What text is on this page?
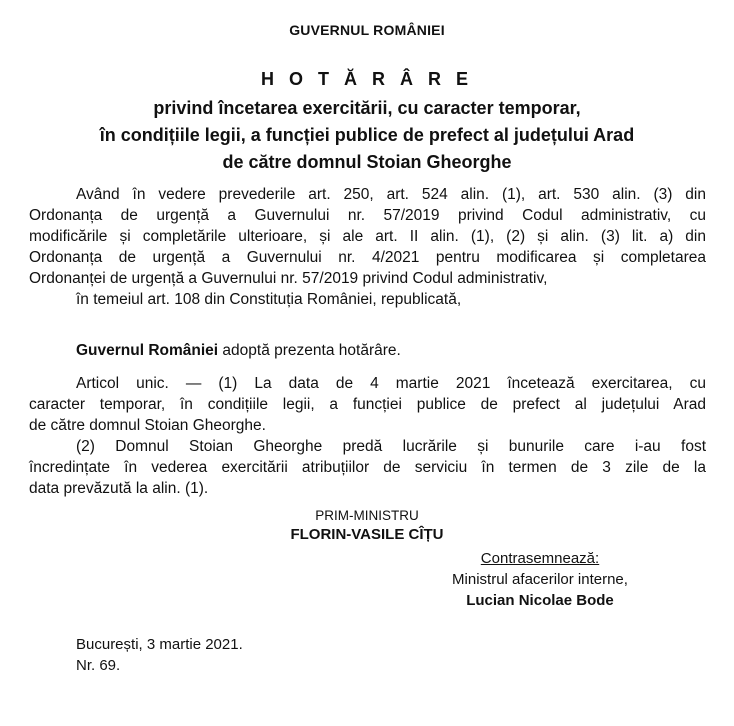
GUVERNUL ROMÂNIEI
H O T Ă R Â R E
privind încetarea exercitării, cu caracter temporar,
în condițiile legii, a funcției publice de prefect al județului Arad
de către domnul Stoian Gheorghe
Având în vedere prevederile art. 250, art. 524 alin. (1), art. 530 alin. (3) din
Ordonanța de urgență a Guvernului nr. 57/2019 privind Codul administrativ, cu
modificările și completările ulterioare, și ale art. II alin. (1), (2) și alin. (3) lit. a) din
Ordonanța de urgență a Guvernului nr. 4/2021 pentru modificarea și completarea
Ordonanței de urgență a Guvernului nr. 57/2019 privind Codul administrativ,
în temeiul art. 108 din Constituția României, republicată,
Guvernul României adoptă prezenta hotărâre.
Articol unic. — (1) La data de 4 martie 2021 încetează exercitarea, cu
caracter temporar, în condițiile legii, a funcției publice de prefect al județului Arad
de către domnul Stoian Gheorghe.
(2) Domnul Stoian Gheorghe predă lucrările și bunurile care i-au fost
încredințate în vederea exercitării atribuțiilor de serviciu în termen de 3 zile de la
data prevăzută la alin. (1).
PRIM-MINISTRU
FLORIN-VASILE CÎȚU
Contrasemnează:
Ministrul afacerilor interne,
Lucian Nicolae Bode
București, 3 martie 2021.
Nr. 69.
